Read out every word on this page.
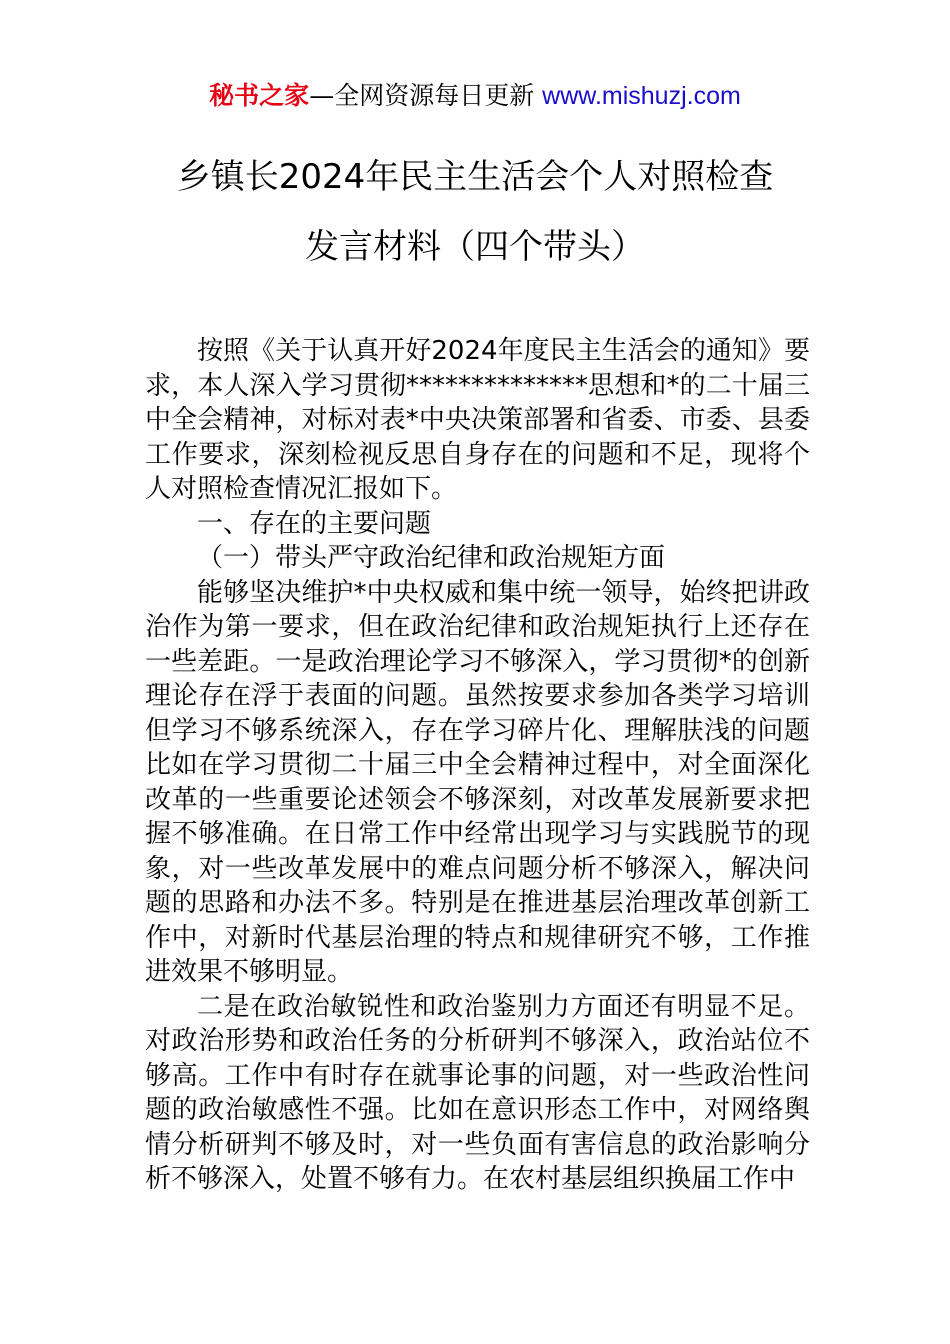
秘书之家—全网资源每日更新 www.mishuzj.com
乡镇长2024年民主生活会个人对照检查
发言材料（四个带头）

按照《关于认真开好2024年度民主生活会的通知》要求，本人深入学习贯彻**************思想和*的二十届三中全会精神，对标对表*中央决策部署和省委、市委、县委工作要求，深刻检视反思自身存在的问题和不足，现将个人对照检查情况汇报如下。

一、存在的主要问题

（一）带头严守政治纪律和政治规矩方面

能够坚决维护*中央权威和集中统一领导，始终把讲政治作为第一要求，但在政治纪律和政治规矩执行上还存在一些差距。一是政治理论学习不够深入，学习贯彻*的创新理论存在浮于表面的问题。虽然按要求参加各类学习培训但学习不够系统深入，存在学习碎片化、理解肤浅的问题比如在学习贯彻二十届三中全会精神过程中，对全面深化改革的一些重要论述领会不够深刻，对改革发展新要求把握不够准确。在日常工作中经常出现学习与实践脱节的现象，对一些改革发展中的难点问题分析不够深入，解决问题的思路和办法不多。特别是在推进基层治理改革创新工作中，对新时代基层治理的特点和规律研究不够，工作推进效果不够明显。

二是在政治敏锐性和政治鉴别力方面还有明显不足。对政治形势和政治任务的分析研判不够深入，政治站位不够高。工作中有时存在就事论事的问题，对一些政治性问题的政治敏感性不强。比如在意识形态工作中，对网络舆情分析研判不够及时，对一些负面有害信息的政治影响分析不够深入，处置不够有力。在农村基层组织换届工作中
